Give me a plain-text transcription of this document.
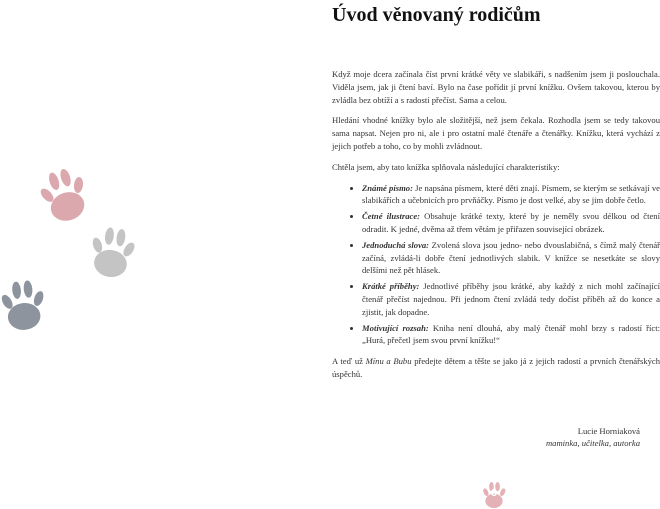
3
Úvod věnovaný rodičům

Když moje dcera začínala číst první krátké věty ve slabikáři, s nadšením jsem ji poslouchala. Viděla jsem, jak ji čtení baví. Bylo na čase pořídit jí první knížku. Ovšem takovou, kterou by zvládla bez obtíží a s radostí přečíst. Sama a celou.

Hledání vhodné knížky bylo ale složitější, než jsem čekala. Rozhodla jsem se tedy takovou sama napsat. Nejen pro ni, ale i pro ostatní malé čtenáře a čtenářky. Knížku, která vychází z jejich potřeb a toho, co by mohli zvládnout.

Chtěla jsem, aby tato knížka splňovala následující charakteristiky:

• Známé písmo: Je napsána písmem, které děti znají. Písmem, se kterým se setkávají ve slabikářích a učebnicích pro prvňáčky. Písmo je dost velké, aby se jim dobře četlo.
• Četné ilustrace: Obsahuje krátké texty, které by je neměly svou délkou od čtení odradit. K jedné, dvěma až třem větám je přiřazen související obrázek.
• Jednoduchá slova: Zvolená slova jsou jedno- nebo dvouslabičná, s čímž malý čtenář začíná, zvládá-li dobře čtení jednotlivých slabik. V knížce se nesetkáte se slovy delšími než pět hlásek.
• Krátké příběhy: Jednotlivé příběhy jsou krátké, aby každý z nich mohl začínající čtenář přečíst najednou. Při jednom čtení zvládá tedy dočíst příběh až do konce a zjistit, jak dopadne.
• Motivující rozsah: Kniha není dlouhá, aby malý čtenář mohl brzy s radostí říct: „Hurá, přečetl jsem svou první knížku!“

A teď už Mínu a Bubu předejte dětem a těšte se jako já z jejich radostí a prvních čtenářských úspěchů.

Lucie Horniaková
maminka, učitelka, autorka
